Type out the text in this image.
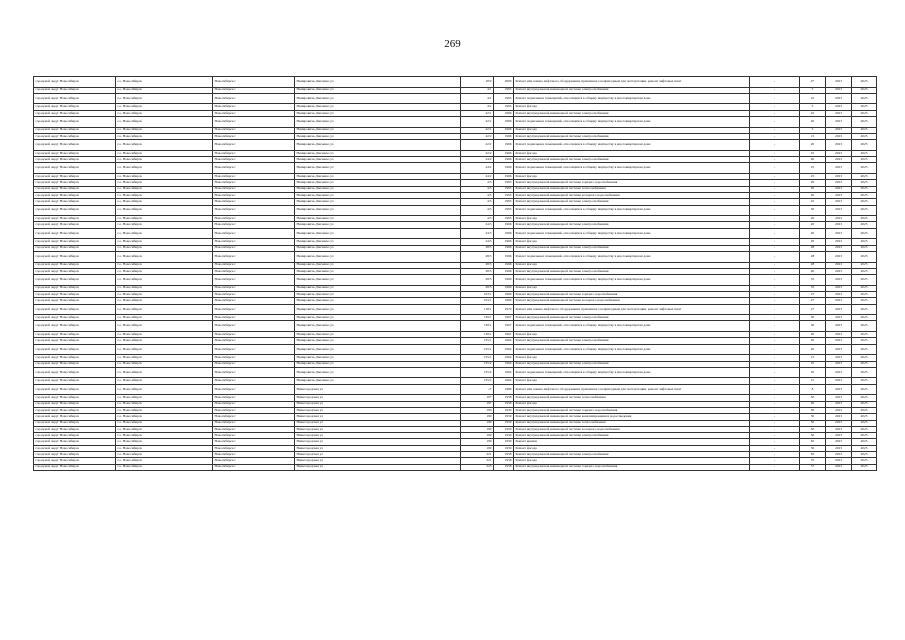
269
городской округ Новосибирск	г.о. Новосибирск	Новосибирск г	Немировича-Данченко ул	18/0	2000	Ремонт или замена лифтового оборудования, признанного непригодным для эксплуатации, ремонт лифтовых шахт	-	4*	2023	2025
городской округ Новосибирск	г.о. Новосибирск	Новосибирск г	Немировича-Данченко ул	4/1	1965	Ремонт внутридомовой инженерной системы электроснабжения	-	5	2023	2025
городской округ Новосибирск	г.о. Новосибирск	Новосибирск г	Немировича-Данченко ул	4/1	1965	Ремонт подвальных помещений, относящихся к общему имуществу в многоквартирном доме	-	10	2023	2025
городской округ Новосибирск	г.о. Новосибирск	Новосибирск г	Немировича-Данченко ул	4/1	1965	Ремонт фасада	-	5	2023	2025
городской округ Новосибирск	г.о. Новосибирск	Новосибирск г	Немировича-Данченко ул	22/1	1966	Ремонт внутридомовой инженерной системы электроснабжения	-	10	2023	2025
городской округ Новосибирск	г.о. Новосибирск	Новосибирск г	Немировича-Данченко ул	22/1	1966	Ремонт подвальных помещений, относящихся к общему имуществу в многоквартирном доме	-	20	2023	2025
городской округ Новосибирск	г.о. Новосибирск	Новосибирск г	Немировича-Данченко ул	22/1	1966	Ремонт фасада	-	5	2023	2025
городской округ Новосибирск	г.о. Новосибирск	Новосибирск г	Немировича-Данченко ул	22/2	1966	Ремонт внутридомовой инженерной системы электроснабжения	-	15	2023	2025
городской округ Новосибирск	г.о. Новосибирск	Новосибирск г	Немировича-Данченко ул	22/2	1966	Ремонт подвальных помещений, относящихся к общему имуществу в многоквартирном доме	-	20	2023	2025
городской округ Новосибирск	г.о. Новосибирск	Новосибирск г	Немировича-Данченко ул	22/2	1966	Ремонт фасада	-	10	2023	2025
городской округ Новосибирск	г.о. Новосибирск	Новосибирск г	Немировича-Данченко ул	24/2	1966	Ремонт внутридомовой инженерной системы электроснабжения	-	40	2023	2025
городской округ Новосибирск	г.о. Новосибирск	Новосибирск г	Немировича-Данченко ул	24/2	1966	Ремонт подвальных помещений, относящихся к общему имуществу в многоквартирном доме	-	25	2023	2025
городской округ Новосибирск	г.о. Новосибирск	Новосибирск г	Немировича-Данченко ул	24/2	1966	Ремонт фасада	-	25	2023	2025
городской округ Новосибирск	г.о. Новосибирск	Новосибирск г	Немировича-Данченко ул	4/3	1965	Ремонт внутридомовой инженерной системы горячего водоснабжения	-	20	2023	2025
городской округ Новосибирск	г.о. Новосибирск	Новосибирск г	Немировича-Данченко ул	4/3	1965	Ремонт внутридомовой инженерной системы теплоснабжения	-	20	2023	2025
городской округ Новосибирск	г.о. Новосибирск	Новосибирск г	Немировича-Данченко ул	4/3	1965	Ремонт внутридомовой инженерной системы холодного водоснабжения	-	20	2023	2025
городской округ Новосибирск	г.о. Новосибирск	Новосибирск г	Немировича-Данченко ул	4/3	1965	Ремонт внутридомовой инженерной системы электроснабжения	-	10	2023	2025
городской округ Новосибирск	г.о. Новосибирск	Новосибирск г	Немировича-Данченко ул	4/3	1965	Ремонт подвальных помещений, относящихся к общему имуществу в многоквартирном доме	-	30	2023	2025
городской округ Новосибирск	г.о. Новосибирск	Новосибирск г	Немировича-Данченко ул	4/3	1965	Ремонт фасада	-	20	2023	2025
городской округ Новосибирск	г.о. Новосибирск	Новосибирск г	Немировича-Данченко ул	24/3	1966	Ремонт внутридомовой инженерной системы электроснабжения	-	20	2023	2025
городской округ Новосибирск	г.о. Новосибирск	Новосибирск г	Немировича-Данченко ул	24/3	1966	Ремонт подвальных помещений, относящихся к общему имуществу в многоквартирном доме	-	20	2023	2025
городской округ Новосибирск	г.о. Новосибирск	Новосибирск г	Немировича-Данченко ул	24/3	1966	Ремонт фасада	-	20	2023	2025
городской округ Новосибирск	г.о. Новосибирск	Новосибирск г	Немировича-Данченко ул	28/3	1966	Ремонт внутридомовой инженерной системы электроснабжения	-	28	2023	2025
городской округ Новосибирск	г.о. Новосибирск	Новосибирск г	Немировича-Данченко ул	28/3	1966	Ремонт подвальных помещений, относящихся к общему имуществу в многоквартирном доме	-	28	2023	2025
городской округ Новосибирск	г.о. Новосибирск	Новосибирск г	Немировича-Данченко ул	28/3	1966	Ремонт фасада	-	28	2023	2025
городской округ Новосибирск	г.о. Новосибирск	Новосибирск г	Немировича-Данченко ул	28/5	1966	Ремонт внутридомовой инженерной системы электроснабжения	-	40	2023	2025
городской округ Новосибирск	г.о. Новосибирск	Новосибирск г	Немировича-Данченко ул	28/5	1966	Ремонт подвальных помещений, относящихся к общему имуществу в многоквартирном доме	-	35	2023	2025
городской округ Новосибирск	г.о. Новосибирск	Новосибирск г	Немировича-Данченко ул	28/5	1966	Ремонт фасада	-	35	2023	2025
городской округ Новосибирск	г.о. Новосибирск	Новосибирск г	Немировича-Данченко ул	103/1	1969	Ремонт внутридомовой инженерной системы горячего водоснабжения	-	27	2023	2025
городской округ Новосибирск	г.о. Новосибирск	Новосибирск г	Немировича-Данченко ул	103/1	1969	Ремонт внутридомовой инженерной системы холодного водоснабжения	-	27	2023	2025
городской округ Новосибирск	г.о. Новосибирск	Новосибирск г	Немировича-Данченко ул	118/1	1979	Ремонт или замена лифтового оборудования, признанного непригодным для эксплуатации, ремонт лифтовых шахт	-	27	2023	2025
городской округ Новосибирск	г.о. Новосибирск	Новосибирск г	Немировича-Данченко ул	139/1	1967	Ремонт внутридомовой инженерной системы электроснабжения	-	30	2023	2025
городской округ Новосибирск	г.о. Новосибирск	Новосибирск г	Немировича-Данченко ул	139/1	1967	Ремонт подвальных помещений, относящихся к общему имуществу в многоквартирном доме	-	30	2023	2025
городской округ Новосибирск	г.о. Новосибирск	Новосибирск г	Немировича-Данченко ул	139/1	1967	Ремонт фасада	-	20	2023	2025
городской округ Новосибирск	г.о. Новосибирск	Новосибирск г	Немировича-Данченко ул	155/1	1964	Ремонт внутридомовой инженерной системы электроснабжения	-	20	2023	2025
городской округ Новосибирск	г.о. Новосибирск	Новосибирск г	Немировича-Данченко ул	155/1	1964	Ремонт подвальных помещений, относящихся к общему имуществу в многоквартирном доме	-	20	2023	2025
городской округ Новосибирск	г.о. Новосибирск	Новосибирск г	Немировича-Данченко ул	155/1	1964	Ремонт фасада	-	15	2023	2025
городской округ Новосибирск	г.о. Новосибирск	Новосибирск г	Немировича-Данченко ул	155/2	1964	Ремонт внутридомовой инженерной системы электроснабжения	-	25	2023	2025
городской округ Новосибирск	г.о. Новосибирск	Новосибирск г	Немировича-Данченко ул	155/2	1964	Ремонт подвальных помещений, относящихся к общему имуществу в многоквартирном доме	-	20	2023	2025
городской округ Новосибирск	г.о. Новосибирск	Новосибирск г	Немировича-Данченко ул	155/2	1964	Ремонт фасада	-	15	2023	2025
городской округ Новосибирск	г.о. Новосибирск	Новосибирск г	Нижегородская ул	17	1989	Ремонт или замена лифтового оборудования, признанного непригодным для эксплуатации, ремонт лифтовых шахт	-	8	2023	2025
городской округ Новосибирск	г.о. Новосибирск	Новосибирск г	Нижегородская ул	197	1958	Ремонт внутридомовой инженерной системы теплоснабжения	-	50	2023	2025
городской округ Новосибирск	г.о. Новосибирск	Новосибирск г	Нижегородская ул	197	1958	Ремонт фасада	-	40	2023	2025
городской округ Новосибирск	г.о. Новосибирск	Новосибирск г	Нижегородская ул	199	1959	Ремонт внутридомовой инженерной системы горячего водоснабжения	-	50	2023	2025
городской округ Новосибирск	г.о. Новосибирск	Новосибирск г	Нижегородская ул	199	1959	Ремонт внутридомовой инженерной системы канализирования и водоотведения	-	50	2023	2025
городской округ Новосибирск	г.о. Новосибирск	Новосибирск г	Нижегородская ул	199	1959	Ремонт внутридомовой инженерной системы теплоснабжения	-	50	2023	2025
городской округ Новосибирск	г.о. Новосибирск	Новосибирск г	Нижегородская ул	199	1959	Ремонт внутридомовой инженерной системы холодного водоснабжения	-	50	2023	2025
городской округ Новосибирск	г.о. Новосибирск	Новосибирск г	Нижегородская ул	199	1959	Ремонт внутридомовой инженерной системы электроснабжения	-	50	2023	2025
городской округ Новосибирск	г.о. Новосибирск	Новосибирск г	Нижегородская ул	199	1959	Ремонт крыши	-	65	2023	2025
городской округ Новосибирск	г.о. Новосибирск	Новосибирск г	Нижегородская ул	199	1959	Ремонт фасада	-	50	2023	2025
городской округ Новосибирск	г.о. Новосибирск	Новосибирск г	Нижегородская ул	221	1958	Ремонт внутридомовой инженерной системы электроснабжения	-	65	2023	2025
городской округ Новосибирск	г.о. Новосибирск	Новосибирск г	Нижегородская ул	221	1958	Ремонт фасада	-	70	2023	2025
городской округ Новосибирск	г.о. Новосибирск	Новосибирск г	Нижегородская ул	223	1958	Ремонт внутридомовой инженерной системы горячего водоснабжения	-	57	2023	2025
